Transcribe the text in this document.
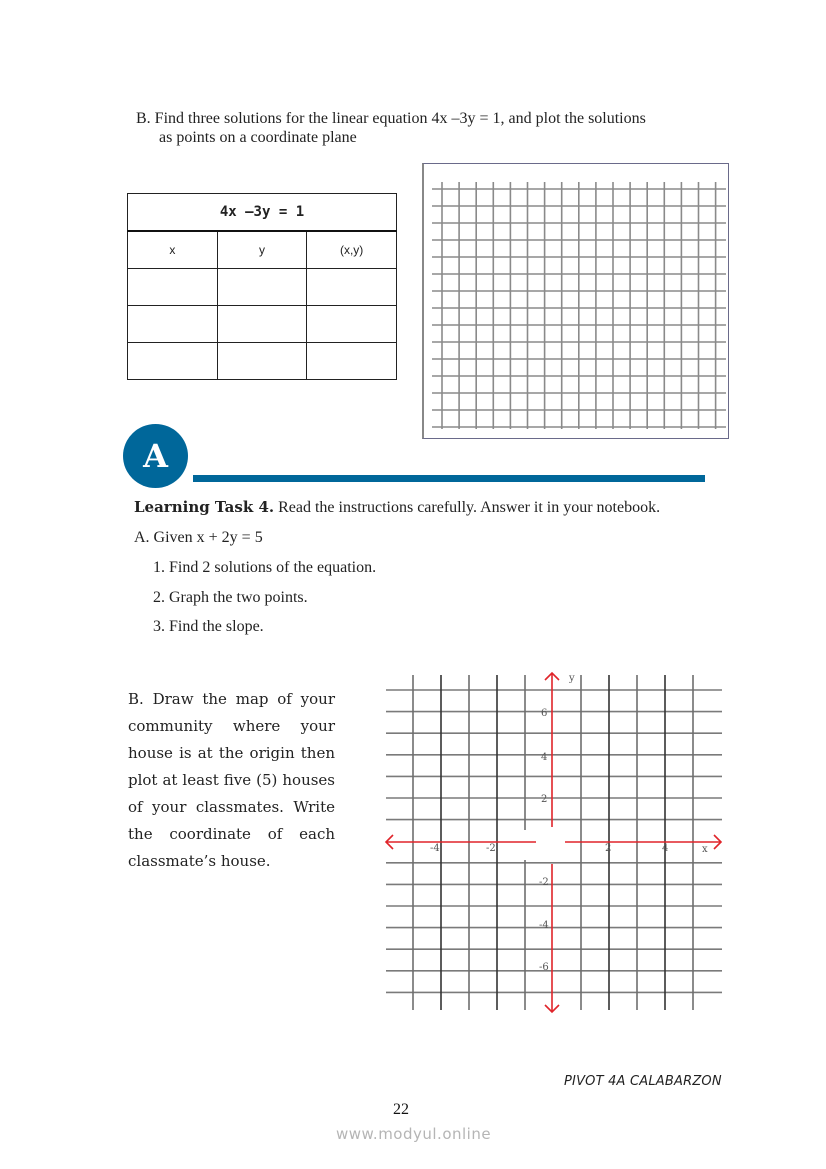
B. Find three solutions for the linear equation 4x –3y = 1, and plot the solutions
as points on a coordinate plane
4x –3y = 1		
x	y	(x,y)

A
Learning Task 4. Read the instructions carefully. Answer it in your notebook.
A. Given x + 2y = 5
1. Find 2 solutions of the equation.
2. Graph the two points.
3. Find the slope.
B. Draw the map of your community where your house is at the origin then plot at least five (5) houses of your classmates. Write the coordinate of each classmate’s house.
y
x
-4	-2	2	4
6
4
2
-2
-4
-6
PIVOT 4A CALABARZON
22
www.modyul.online
